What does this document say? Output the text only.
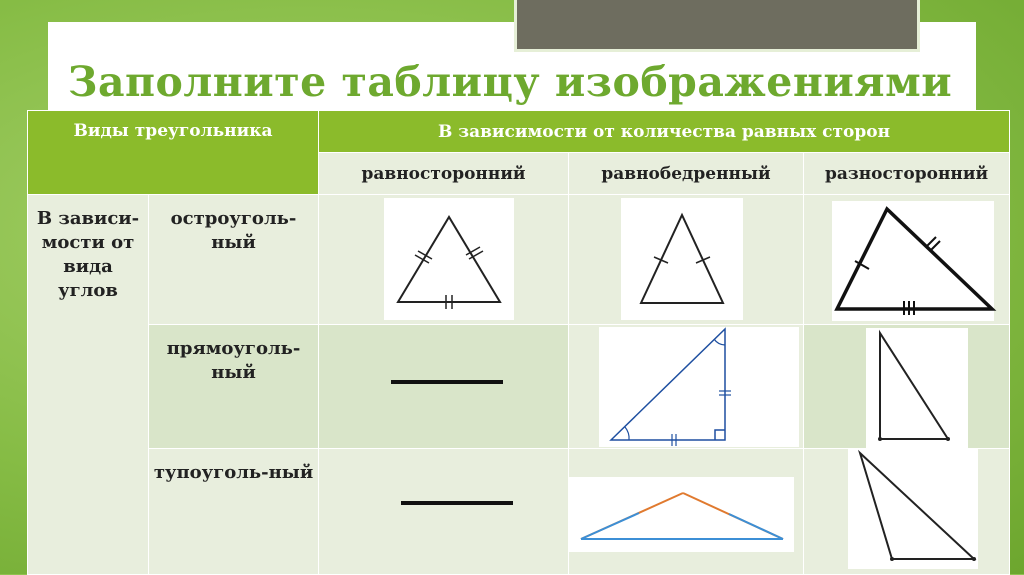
Заполните таблицу изображениями
Виды треугольника		В зависимости от количества равных сторон		
		равносторонний	равнобедренный	разносторонний
В зависи-мости от вида углов	остроуголь-ный	

	прямоуголь-ный	

	тупоуголь-ный	
